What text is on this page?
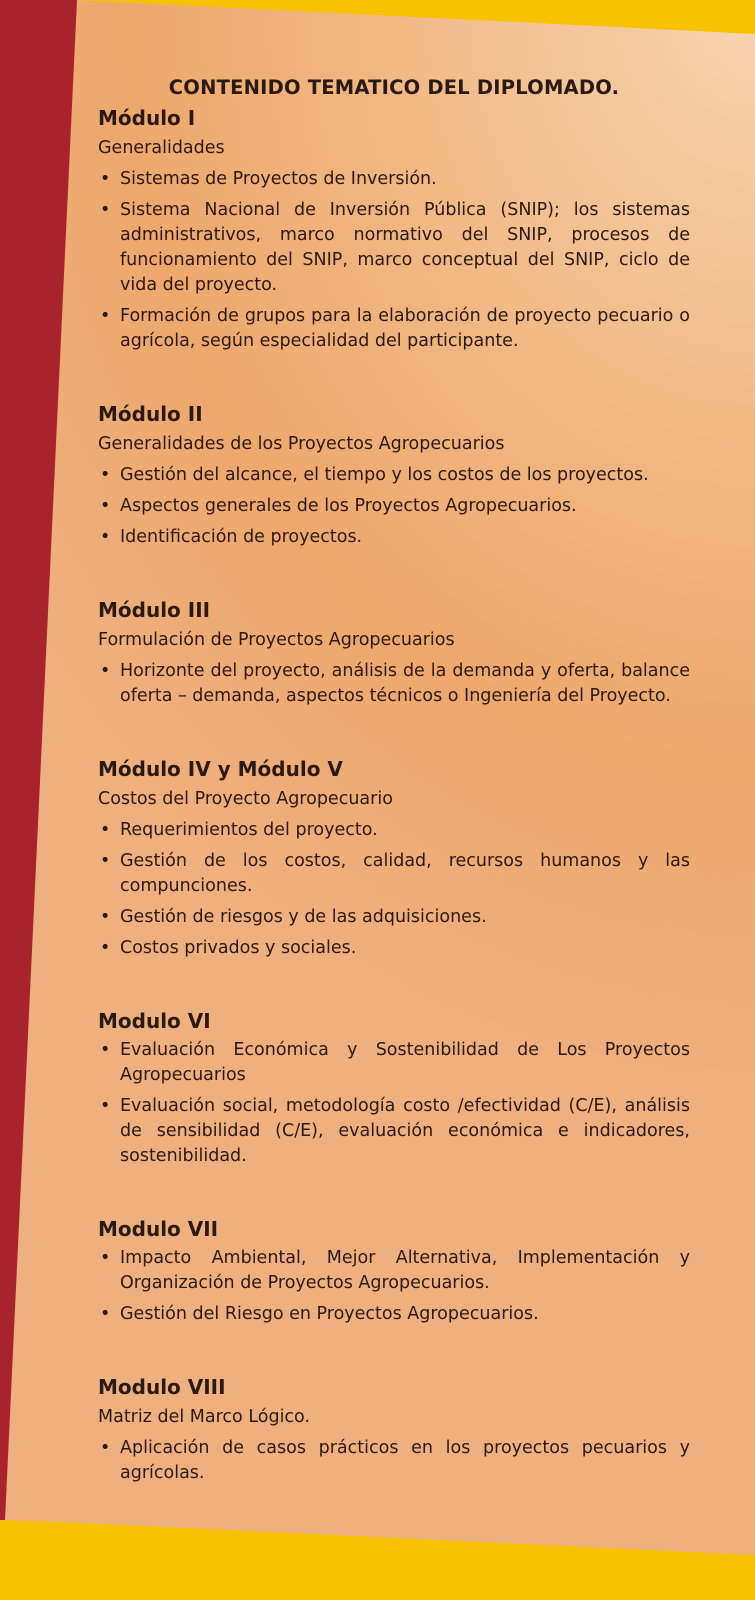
CONTENIDO TEMATICO DEL DIPLOMADO.
Módulo I
Generalidades
• Sistemas de Proyectos de Inversión.
• Sistema Nacional de Inversión Pública (SNIP); los sistemas administrativos, marco normativo del SNIP, procesos de funcionamiento del SNIP, marco conceptual del SNIP, ciclo de vida del proyecto.
• Formación de grupos para la elaboración de proyecto pecuario o agrícola, según especialidad del participante.
Módulo II
Generalidades de los Proyectos Agropecuarios
• Gestión del alcance, el tiempo y los costos de los proyectos.
• Aspectos generales de los Proyectos Agropecuarios.
• Identificación de proyectos.
Módulo III
Formulación de Proyectos Agropecuarios
• Horizonte del proyecto, análisis de la demanda y oferta, balance oferta – demanda, aspectos técnicos o Ingeniería del Proyecto.
Módulo IV y Módulo V
Costos del Proyecto Agropecuario
• Requerimientos del proyecto.
• Gestión de los costos, calidad, recursos humanos y las compunciones.
• Gestión de riesgos y de las adquisiciones.
• Costos privados y sociales.
Modulo VI
• Evaluación Económica y Sostenibilidad de Los Proyectos Agropecuarios
• Evaluación social, metodología costo /efectividad (C/E), análisis de sensibilidad (C/E), evaluación económica e indicadores, sostenibilidad.
Modulo VII
• Impacto Ambiental, Mejor Alternativa, Implementación y Organización de Proyectos Agropecuarios.
• Gestión del Riesgo en Proyectos Agropecuarios.
Modulo VIII
Matriz del Marco Lógico.
• Aplicación de casos prácticos en los proyectos pecuarios y agrícolas.
